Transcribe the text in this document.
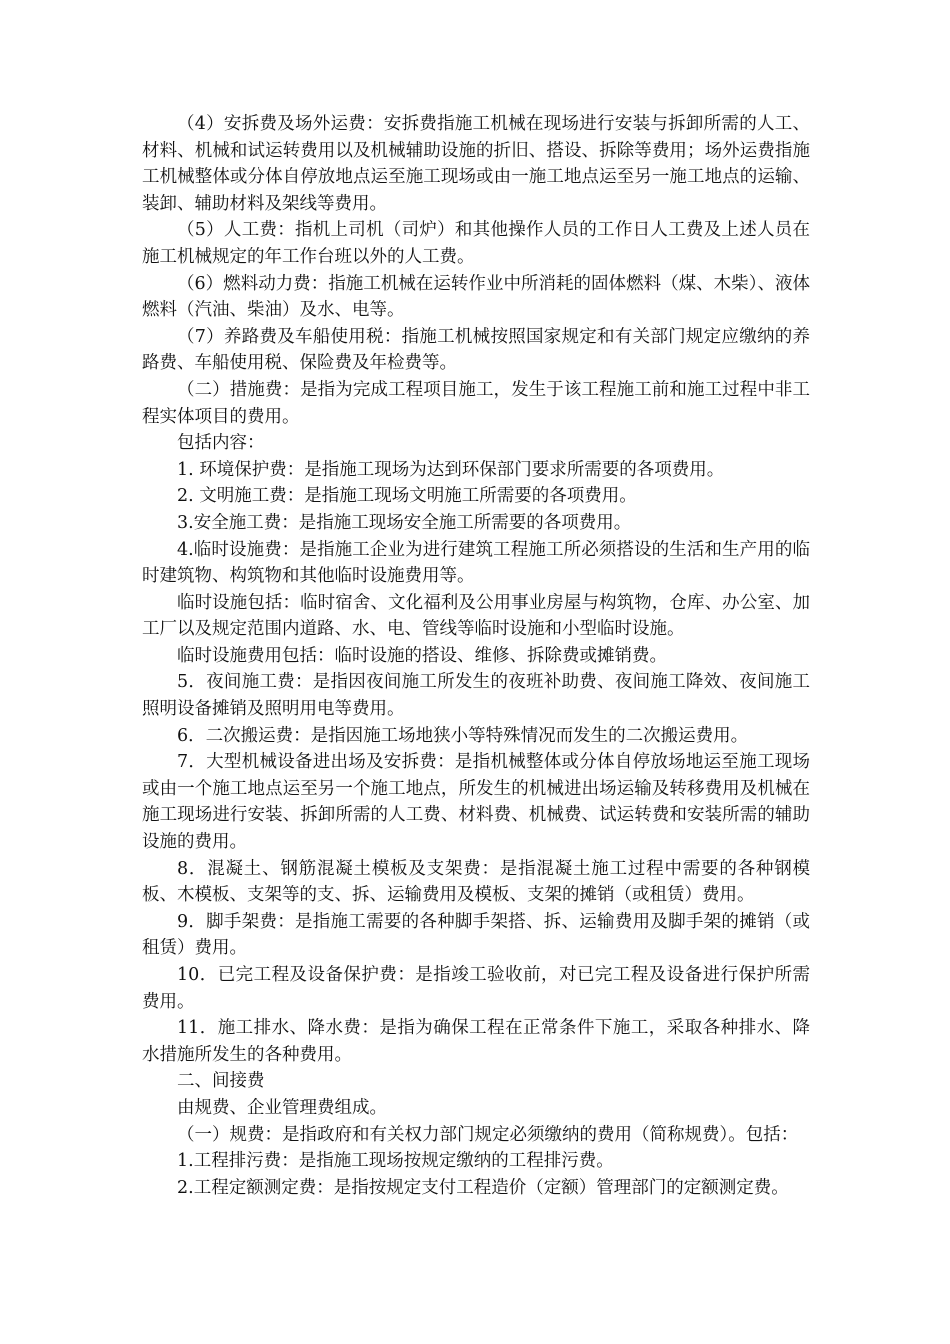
（4）安拆费及场外运费：安拆费指施工机械在现场进行安装与拆卸所需的人工、材料、机械和试运转费用以及机械辅助设施的折旧、搭设、拆除等费用；场外运费指施工机械整体或分体自停放地点运至施工现场或由一施工地点运至另一施工地点的运输、装卸、辅助材料及架线等费用。

（5）人工费：指机上司机（司炉）和其他操作人员的工作日人工费及上述人员在施工机械规定的年工作台班以外的人工费。

（6）燃料动力费：指施工机械在运转作业中所消耗的固体燃料（煤、木柴）、液体燃料（汽油、柴油）及水、电等。

（7）养路费及车船使用税：指施工机械按照国家规定和有关部门规定应缴纳的养路费、车船使用税、保险费及年检费等。

（二）措施费：是指为完成工程项目施工，发生于该工程施工前和施工过程中非工程实体项目的费用。

包括内容：

1. 环境保护费：是指施工现场为达到环保部门要求所需要的各项费用。

2. 文明施工费：是指施工现场文明施工所需要的各项费用。

3.安全施工费：是指施工现场安全施工所需要的各项费用。

4.临时设施费：是指施工企业为进行建筑工程施工所必须搭设的生活和生产用的临时建筑物、构筑物和其他临时设施费用等。

临时设施包括：临时宿舍、文化福利及公用事业房屋与构筑物，仓库、办公室、加工厂以及规定范围内道路、水、电、管线等临时设施和小型临时设施。

临时设施费用包括：临时设施的搭设、维修、拆除费或摊销费。

5．夜间施工费：是指因夜间施工所发生的夜班补助费、夜间施工降效、夜间施工照明设备摊销及照明用电等费用。

6．二次搬运费：是指因施工场地狭小等特殊情况而发生的二次搬运费用。

7．大型机械设备进出场及安拆费：是指机械整体或分体自停放场地运至施工现场或由一个施工地点运至另一个施工地点，所发生的机械进出场运输及转移费用及机械在施工现场进行安装、拆卸所需的人工费、材料费、机械费、试运转费和安装所需的辅助设施的费用。

8．混凝土、钢筋混凝土模板及支架费：是指混凝土施工过程中需要的各种钢模板、木模板、支架等的支、拆、运输费用及模板、支架的摊销（或租赁）费用。

9．脚手架费：是指施工需要的各种脚手架搭、拆、运输费用及脚手架的摊销（或租赁）费用。

10．已完工程及设备保护费：是指竣工验收前，对已完工程及设备进行保护所需费用。

11．施工排水、降水费：是指为确保工程在正常条件下施工，采取各种排水、降水措施所发生的各种费用。

二、间接费

由规费、企业管理费组成。

（一）规费：是指政府和有关权力部门规定必须缴纳的费用（简称规费）。包括：

1.工程排污费：是指施工现场按规定缴纳的工程排污费。

2.工程定额测定费：是指按规定支付工程造价（定额）管理部门的定额测定费。
